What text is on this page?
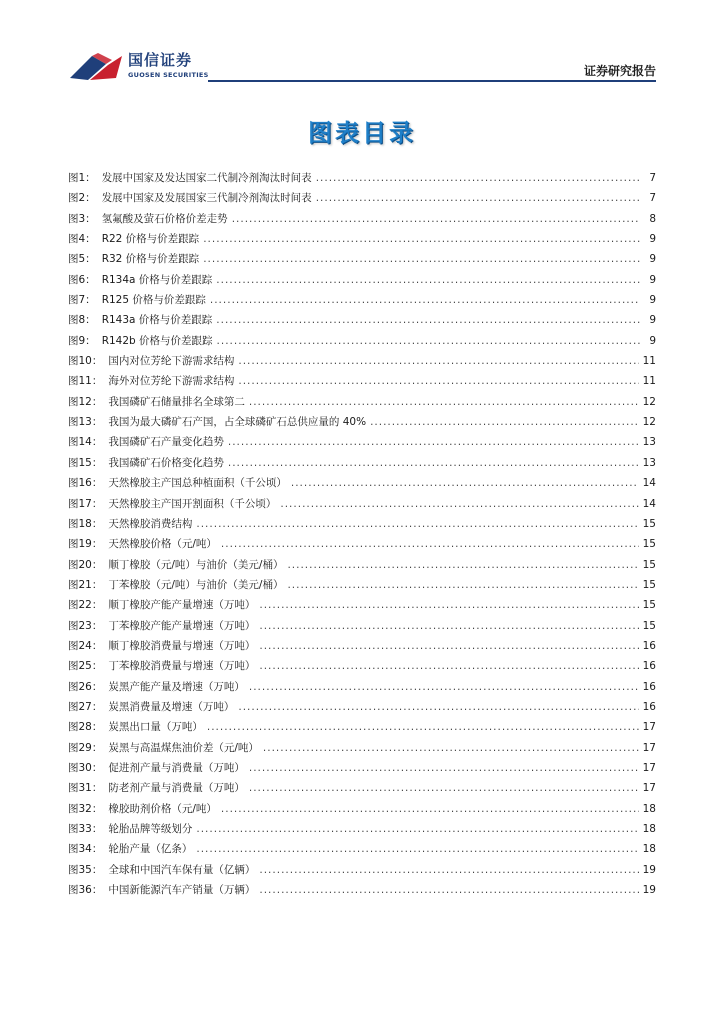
国信证券
GUOSEN SECURITIES	证券研究报告
图表目录
图1： 发展中国家及发达国家二代制冷剂淘汰时间表 .....	7
图2： 发展中国家及发展国家三代制冷剂淘汰时间表 .....	7
图3： 氢氟酸及萤石价格价差走势 .....	8
图4： R22 价格与价差跟踪 .....	9
图5： R32 价格与价差跟踪 .....	9
图6： R134a 价格与价差跟踪 .....	9
图7： R125 价格与价差跟踪 .....	9
图8： R143a 价格与价差跟踪 .....	9
图9： R142b 价格与价差跟踪 .....	9
图10： 国内对位芳纶下游需求结构 .....	11
图11： 海外对位芳纶下游需求结构 .....	11
图12： 我国磷矿石储量排名全球第二 .....	12
图13： 我国为最大磷矿石产国，占全球磷矿石总供应量的 40% .....	12
图14： 我国磷矿石产量变化趋势 .....	13
图15： 我国磷矿石价格变化趋势 .....	13
图16： 天然橡胶主产国总种植面积（千公顷） .....	14
图17： 天然橡胶主产国开割面积（千公顷） .....	14
图18： 天然橡胶消费结构 .....	15
图19： 天然橡胶价格（元/吨） .....	15
图20： 顺丁橡胶（元/吨）与油价（美元/桶） .....	15
图21： 丁苯橡胶（元/吨）与油价（美元/桶） .....	15
图22： 顺丁橡胶产能产量增速（万吨） .....	15
图23： 丁苯橡胶产能产量增速（万吨） .....	15
图24： 顺丁橡胶消费量与增速（万吨） .....	16
图25： 丁苯橡胶消费量与增速（万吨） .....	16
图26： 炭黑产能产量及增速（万吨） .....	16
图27： 炭黑消费量及增速（万吨） .....	16
图28： 炭黑出口量（万吨） .....	17
图29： 炭黑与高温煤焦油价差（元/吨） .....	17
图30： 促进剂产量与消费量（万吨） .....	17
图31： 防老剂产量与消费量（万吨） .....	17
图32： 橡胶助剂价格（元/吨） .....	18
图33： 轮胎品牌等级划分 .....	18
图34： 轮胎产量（亿条） .....	18
图35： 全球和中国汽车保有量（亿辆） .....	19
图36： 中国新能源汽车产销量（万辆） .....	19
